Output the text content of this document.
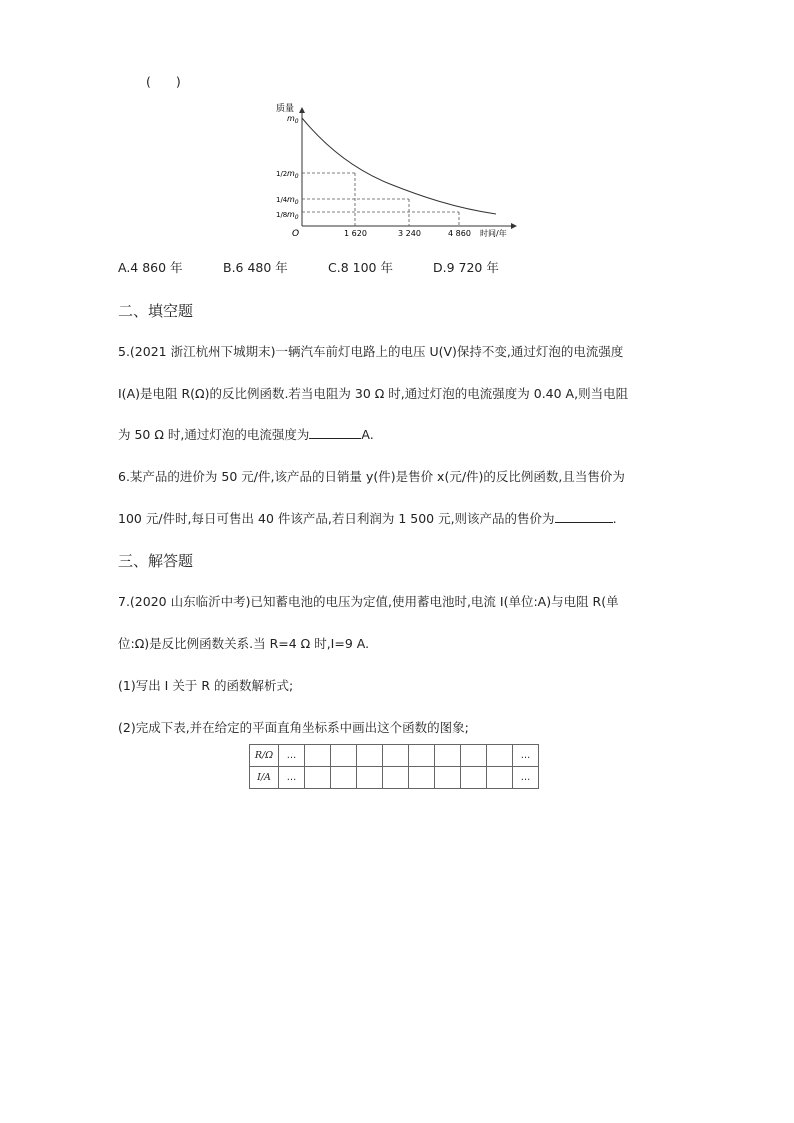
(　　)
质量
$m_0$
1/2 $m_0$
1/4 $m_0$
1/8 $m_0$
O	1 620	3 240	4 860 时间/年
A.4 860 年	B.6 480 年	C.8 100 年	D.9 720 年
二、填空题
5.(2021 浙江杭州下城期末)一辆汽车前灯电路上的电压 U(V)保持不变,通过灯泡的电流强度
I(A)是电阻 R(Ω)的反比例函数.若当电阻为 30 Ω 时,通过灯泡的电流强度为 0.40 A,则当电阻
为 50 Ω 时,通过灯泡的电流强度为	A.
6.某产品的进价为 50 元/件,该产品的日销量 y(件)是售价 x(元/件)的反比例函数,且当售价为
100 元/件时,每日可售出 40 件该产品,若日利润为 1 500 元,则该产品的售价为	.
三、解答题
7.(2020 山东临沂中考)已知蓄电池的电压为定值,使用蓄电池时,电流 I(单位:A)与电阻 R(单
位:Ω)是反比例函数关系.当 R=4 Ω 时,I=9 A.
(1)写出 I 关于 R 的函数解析式;
(2)完成下表,并在给定的平面直角坐标系中画出这个函数的图象;
R/Ω	…									…
I/A	…									…
